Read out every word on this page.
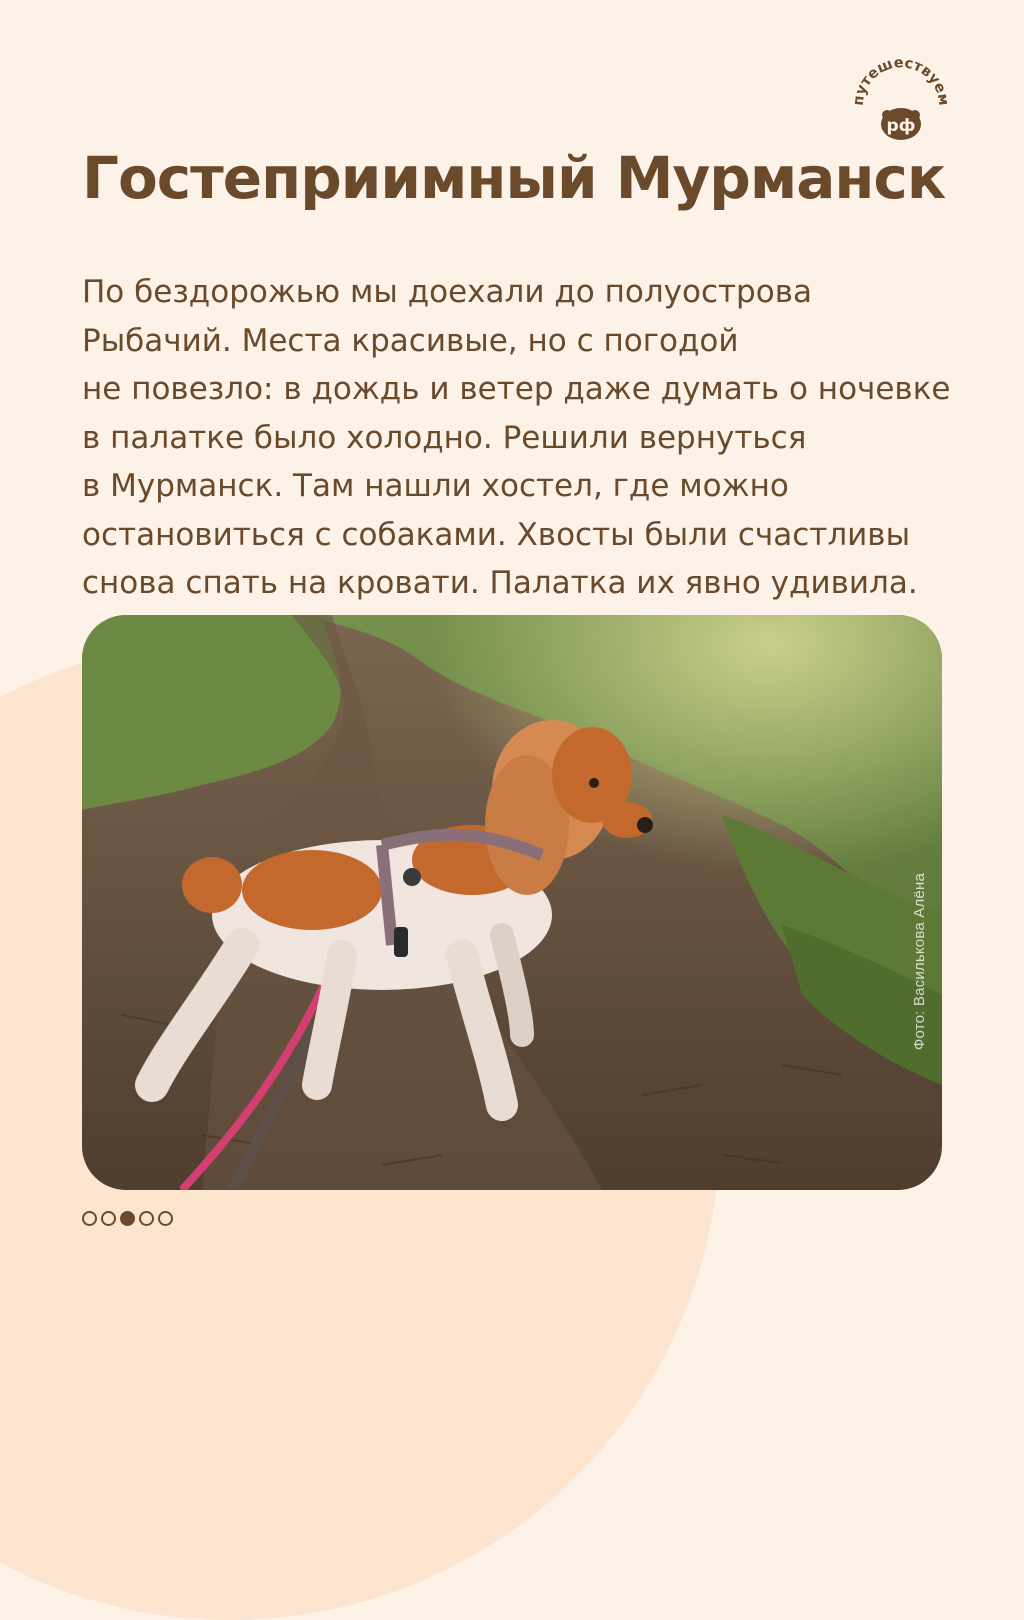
путешествуем
рф
Гостеприимный Мурманск
По бездорожью мы доехали до полуострова
Рыбачий. Места красивые, но с погодой
не повезло: в дождь и ветер даже думать о ночевке
в палатке было холодно. Решили вернуться
в Мурманск. Там нашли хостел, где можно
остановиться с собаками. Хвосты были счастливы
снова спать на кровати. Палатка их явно удивила.
Фото: Василькова Алёна
